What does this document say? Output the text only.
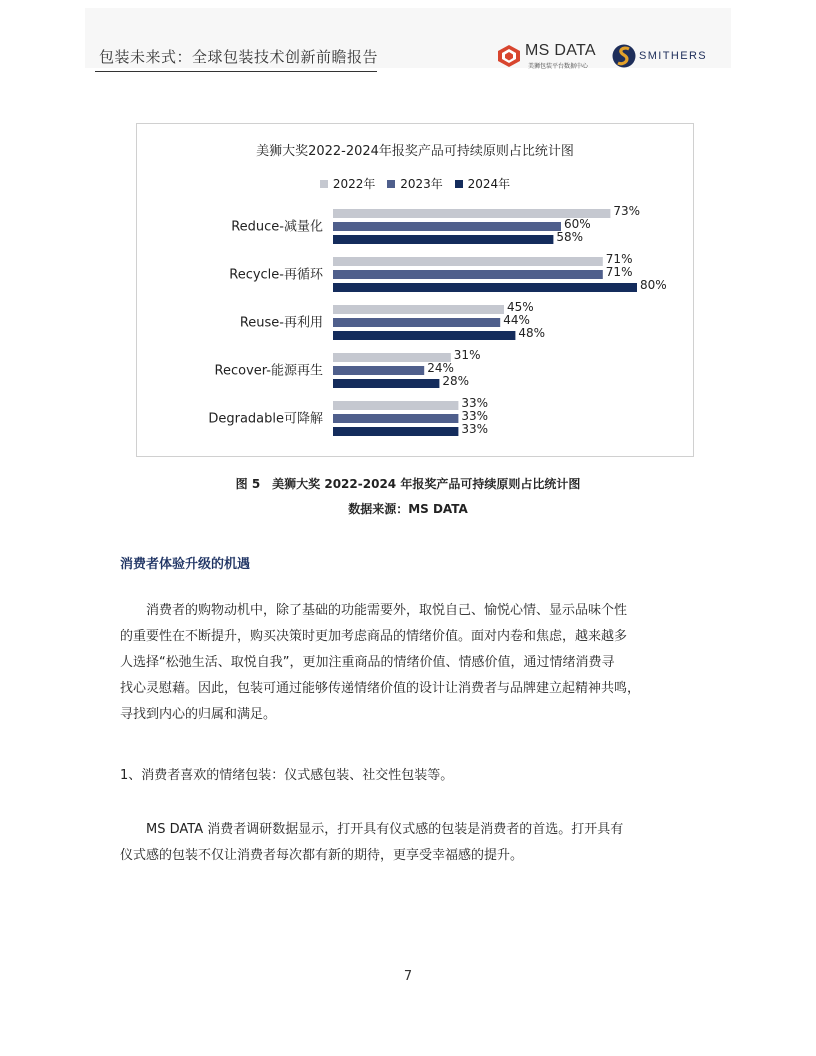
包装未来式：全球包装技术创新前瞻报告	MS DATA
美狮包装平台数据中心
SMITHERS
美狮大奖2022-2024年报奖产品可持续原则占比统计图
2022年 2023年 2024年
Reduce-减量化
73%
60%
58%
Recycle-再循环
71%
71%
80%
Reuse-再利用
45%
44%
48%
Recover-能源再生
31%
24%
28%
Degradable可降解
33%
33%
33%
图 5　美狮大奖 2022-2024 年报奖产品可持续原则占比统计图
数据来源：MS DATA
消费者体验升级的机遇

　　消费者的购物动机中，除了基础的功能需要外，取悦自己、愉悦心情、显示品味个性
的重要性在不断提升，购买决策时更加考虑商品的情绪价值。面对内卷和焦虑，越来越多
人选择“松弛生活、取悦自我”，更加注重商品的情绪价值、情感价值，通过情绪消费寻
找心灵慰藉。因此，包装可通过能够传递情绪价值的设计让消费者与品牌建立起精神共鸣，
寻找到内心的归属和满足。

1、消费者喜欢的情绪包装：仪式感包装、社交性包装等。

　　MS DATA 消费者调研数据显示，打开具有仪式感的包装是消费者的首选。打开具有
仪式感的包装不仅让消费者每次都有新的期待，更享受幸福感的提升。

7
